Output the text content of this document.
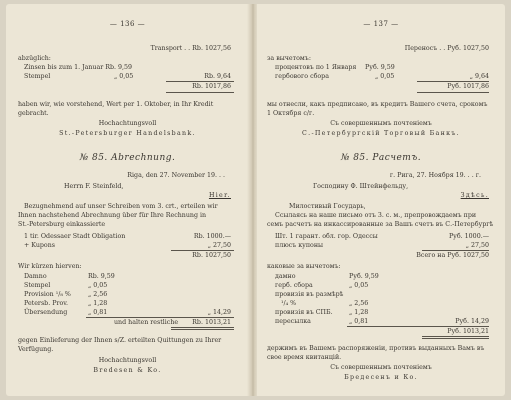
— 136 —
Transport . . Rb. 1027,56
abzüglich:
Zinsen bis zum 1. Januar Rb. 9,59
Stempel	„ 0,05	Rb. 9,64
Rb. 1017,86
haben wir, wie vorstehend, Wert per 1. Oktober, in Ihr Kredit
gebracht.
Hochachtungsvoll
St.-Petersburger Handelsbank.
№ 85. Abrechnung.
Riga, den 27. November 19. . .
Herrn F. Steinfeld,
Hier.
Bezugnehmend auf unser Schreiben vom 3. crt., erteilen wir
Ihnen nachstehend Abrechnung über für Ihre Rechnung in
St.-Petersburg einkassierte
1 tir. Odessaer Stadt Obligation	Rb. 1000.—
+ Kupons	„ 27,50
Rb. 1027,50
Wir kürzen hierven:
Damno	Rb. 9,59
Stempel	„ 0,05
Provision ¹/₈ %	„ 2,56
Petersb. Prov.	„ 1,28
Übersendung	„ 0,81	„ 14,29
und halten restliche Rb. 1013,21
gegen Einlieferung der Ihnen s/Z. erteilten Quittungen zu Ihrer
Verfügung.
Hochachtungsvoll
Bredesen & Ko.
— 137 —
Переносъ . . Руб. 1027,50
за вычетомъ:
процентовъ по 1 Января Руб. 9,59
гербового сбора	„ 0,05	„ 9,64
Руб. 1017,86
мы отнесли, какъ предписано, въ кредитъ Вашего счета, срокомъ
1 Октября с/г.
Съ совершеннымъ почтеніемъ
С.-Петербургскій Торговый Банкъ.
№ 85. Расчетъ.
г. Рига, 27. Ноября 19. . . г.
Господину Ф. Штейнфельду,
Здѣсь.
Милостивый Государь,
Ссылаясь на наше письмо отъ 3. с. м., препровождаемъ при
семъ расчетъ на инкассированные за Вашъ счетъ въ С.-Петербургѣ
Шт. 1 гарант. обл. гор. Одессы	Руб. 1000.—
плюсъ купоны	„ 27,50
Всего на Руб. 1027,50
каковые за вычетомъ:
дамно	Руб. 9,59
герб. сбора	„ 0,05
провизія въ размѣрѣ
¹/₄ %	„ 2,56
провизія въ СПБ.	„ 1,28
пересылка	„ 0,81	Руб. 14,29
Руб. 1013,21
держимъ въ Вашемъ распоряженіи, противъ выданныхъ Вамъ въ
свое время квитанцій.
Съ совершеннымъ почтеніемъ
Бредесенъ и Ко.
